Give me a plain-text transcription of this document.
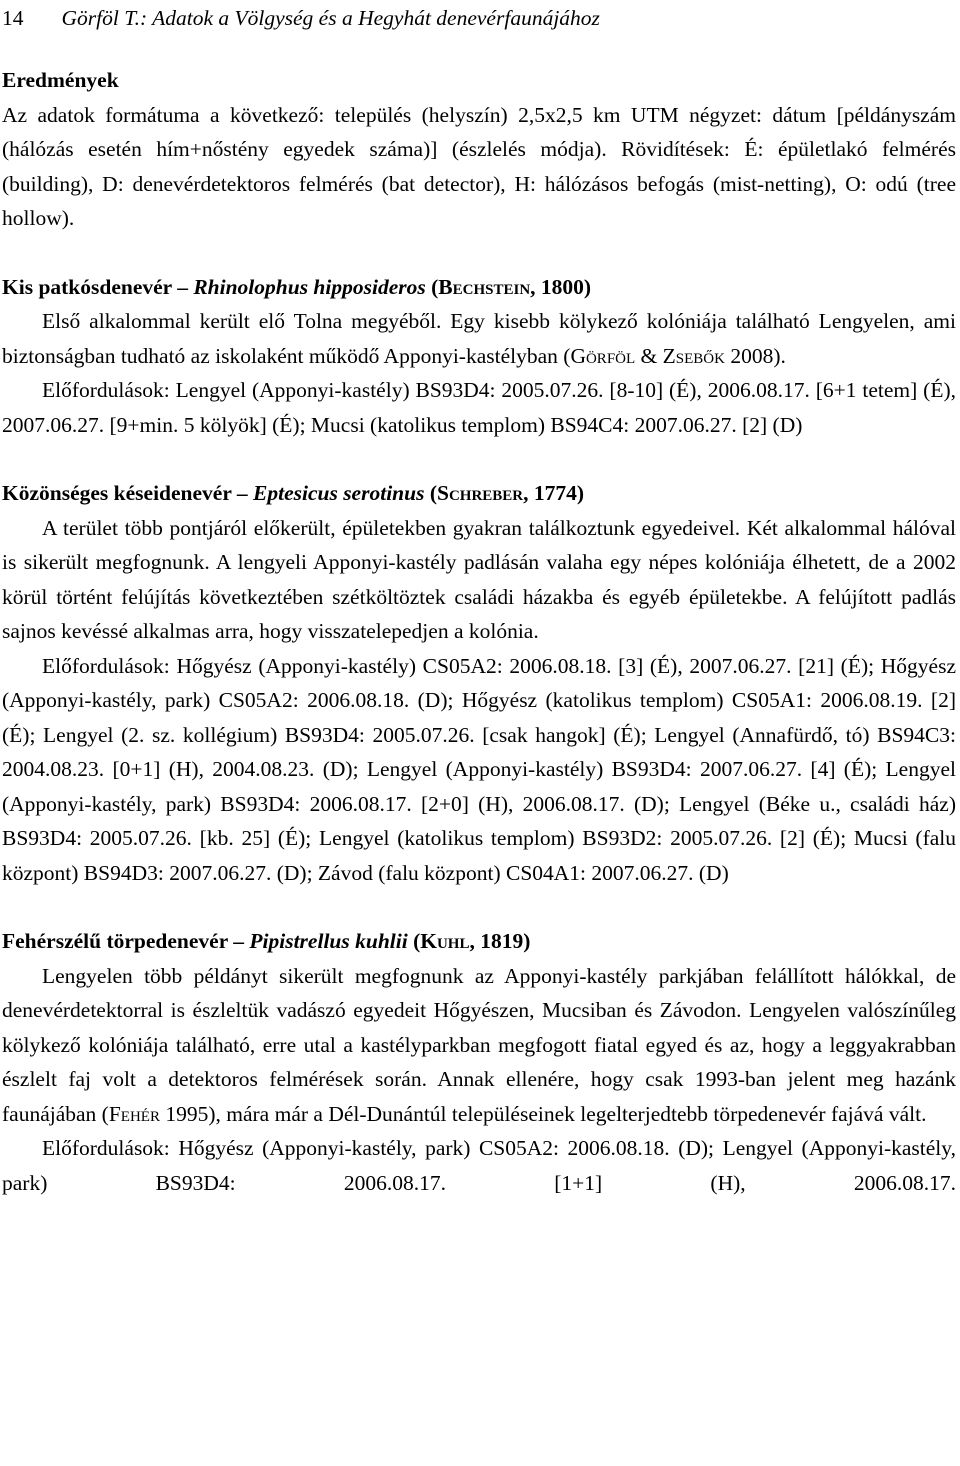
14 Görföl T.: Adatok a Völgység és a Hegyhát denevérfaunájához
Eredmények

Az adatok formátuma a következő: település (helyszín) 2,5x2,5 km UTM négyzet: dátum [példányszám (hálózás esetén hím+nőstény egyedek száma)] (észlelés módja). Rövidítések: É: épületlakó felmérés (building), D: denevérdetektoros felmérés (bat detector), H: hálózásos befogás (mist-netting), O: odú (tree hollow).

Kis patkósdenevér – Rhinolophus hipposideros (Bechstein, 1800)

Első alkalommal került elő Tolna megyéből. Egy kisebb kölykező kolóniája található Lengyelen, ami biztonságban tudható az iskolaként működő Apponyi-kastélyban (Görföl & Zsebők 2008).

Előfordulások: Lengyel (Apponyi-kastély) BS93D4: 2005.07.26. [8-10] (É), 2006.08.17. [6+1 tetem] (É), 2007.06.27. [9+min. 5 kölyök] (É); Mucsi (katolikus templom) BS94C4: 2007.06.27. [2] (D)

Közönséges késeidenevér – Eptesicus serotinus (Schreber, 1774)

A terület több pontjáról előkerült, épületekben gyakran találkoztunk egyedeivel. Két alkalommal hálóval is sikerült megfognunk. A lengyeli Apponyi-kastély padlásán valaha egy népes kolóniája élhetett, de a 2002 körül történt felújítás következtében szétköltöztek családi házakba és egyéb épületekbe. A felújított padlás sajnos kevéssé alkalmas arra, hogy visszatelepedjen a kolónia.

Előfordulások: Hőgyész (Apponyi-kastély) CS05A2: 2006.08.18. [3] (É), 2007.06.27. [21] (É); Hőgyész (Apponyi-kastély, park) CS05A2: 2006.08.18. (D); Hőgyész (katolikus templom) CS05A1: 2006.08.19. [2] (É); Lengyel (2. sz. kollégium) BS93D4: 2005.07.26. [csak hangok] (É); Lengyel (Annafürdő, tó) BS94C3: 2004.08.23. [0+1] (H), 2004.08.23. (D); Lengyel (Apponyi-kastély) BS93D4: 2007.06.27. [4] (É); Lengyel (Apponyi-kastély, park) BS93D4: 2006.08.17. [2+0] (H), 2006.08.17. (D); Lengyel (Béke u., családi ház) BS93D4: 2005.07.26. [kb. 25] (É); Lengyel (katolikus templom) BS93D2: 2005.07.26. [2] (É); Mucsi (falu központ) BS94D3: 2007.06.27. (D); Závod (falu központ) CS04A1: 2007.06.27. (D)

Fehérszélű törpedenevér – Pipistrellus kuhlii (Kuhl, 1819)

Lengyelen több példányt sikerült megfognunk az Apponyi-kastély parkjában felállított hálókkal, de denevérdetektorral is észleltük vadászó egyedeit Hőgyészen, Mucsiban és Závodon. Lengyelen valószínűleg kölykező kolóniája található, erre utal a kastélyparkban megfogott fiatal egyed és az, hogy a leggyakrabban észlelt faj volt a detektoros felmérések során. Annak ellenére, hogy csak 1993-ban jelent meg hazánk faunájában (Fehér 1995), mára már a Dél-Dunántúl településeinek legelterjedtebb törpedenevér fajává vált.

Előfordulások: Hőgyész (Apponyi-kastély, park) CS05A2: 2006.08.18. (D); Lengyel (Apponyi-kastély, park) BS93D4: 2006.08.17. [1+1] (H), 2006.08.17.
